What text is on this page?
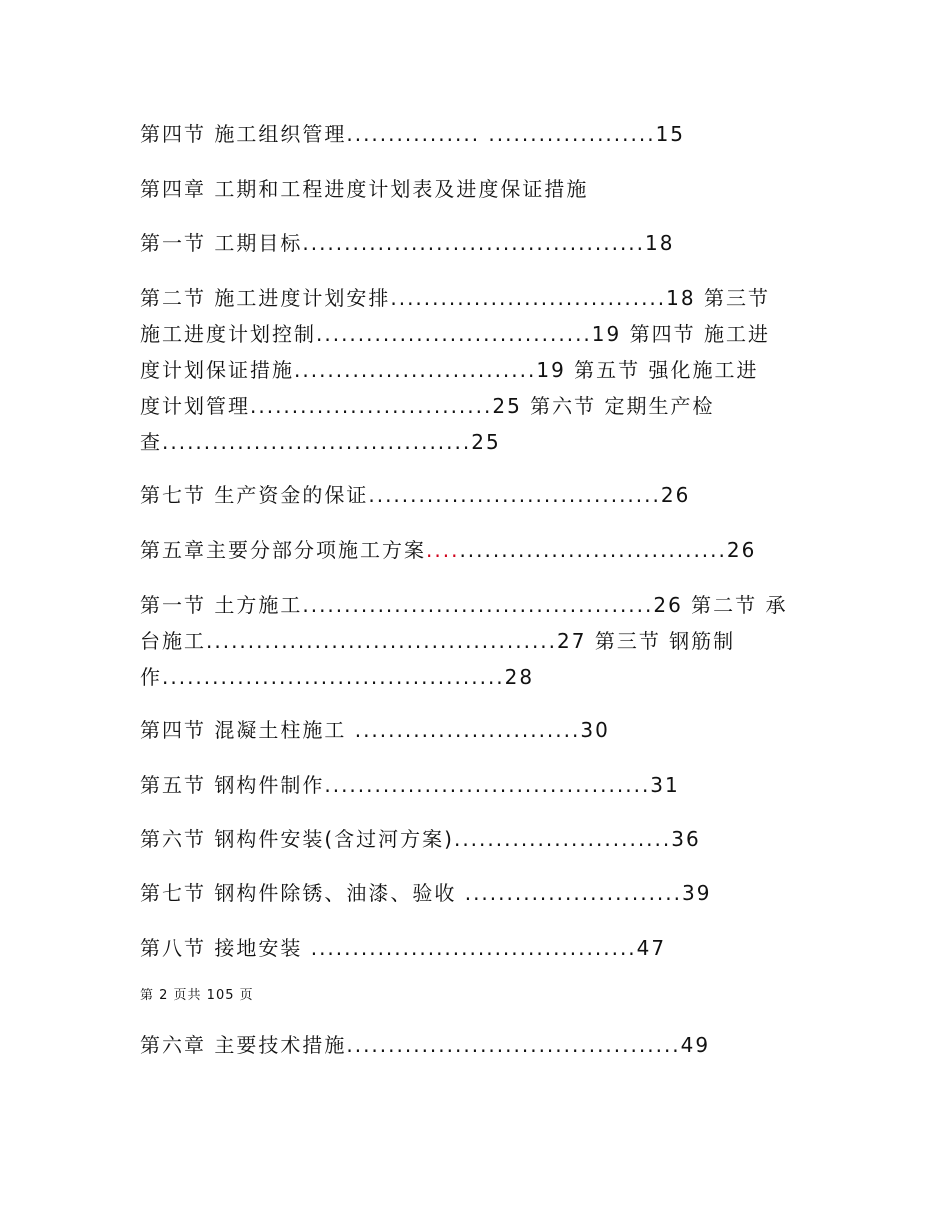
第四节 施工组织管理................ ....................15
第四章 工期和工程进度计划表及进度保证措施
第一节 工期目标.........................................18
第二节 施工进度计划安排.................................18 第三节
施工进度计划控制.................................19 第四节 施工进
度计划保证措施.............................19 第五节 强化施工进
度计划管理.............................25 第六节 定期生产检
查.....................................25
第七节 生产资金的保证...................................26
第五章主要分部分项施工方案....................................26
第一节 土方施工..........................................26 第二节 承
台施工..........................................27 第三节 钢筋制
作.........................................28
第四节 混凝土柱施工 ...........................30
第五节 钢构件制作.......................................31
第六节 钢构件安装(含过河方案)..........................36
第七节 钢构件除锈、油漆、验收 ..........................39
第八节 接地安装 .......................................47
第 2 页共 105 页
第六章 主要技术措施........................................49
